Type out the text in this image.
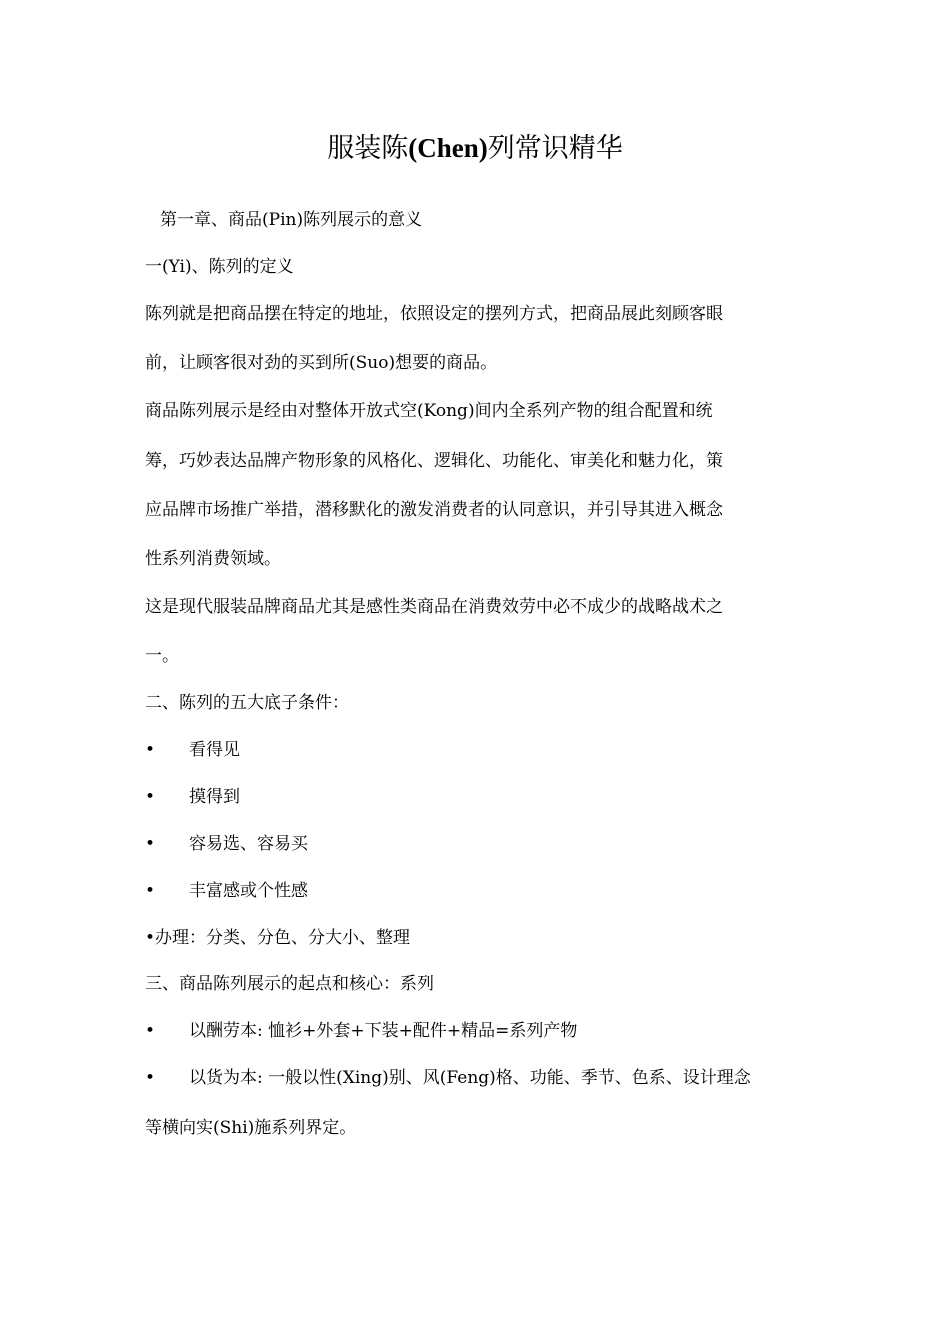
服装陈(Chen)列常识精华

第一章、商品(Pin)陈列展示的意义

一(Yi)、陈列的定义

陈列就是把商品摆在特定的地址，依照设定的摆列方式，把商品展此刻顾客眼

前，让顾客很对劲的买到所(Suo)想要的商品。

商品陈列展示是经由对整体开放式空(Kong)间内全系列产物的组合配置和统

筹，巧妙表达品牌产物形象的风格化、逻辑化、功能化、审美化和魅力化，策

应品牌市场推广举措，潜移默化的激发消费者的认同意识，并引导其进入概念

性系列消费领域。

这是现代服装品牌商品尤其是感性类商品在消费效劳中必不成少的战略战术之

一。

二、陈列的五大底子条件：

• 看得见

• 摸得到

• 容易选、容易买

• 丰富感或个性感

•办理：分类、分色、分大小、整理

三、商品陈列展示的起点和核心：系列

• 以酬劳本: 恤衫+外套+下装+配件+精品=系列产物

• 以货为本: 一般以性(Xing)别、风(Feng)格、功能、季节、色系、设计理念

等横向实(Shi)施系列界定。
